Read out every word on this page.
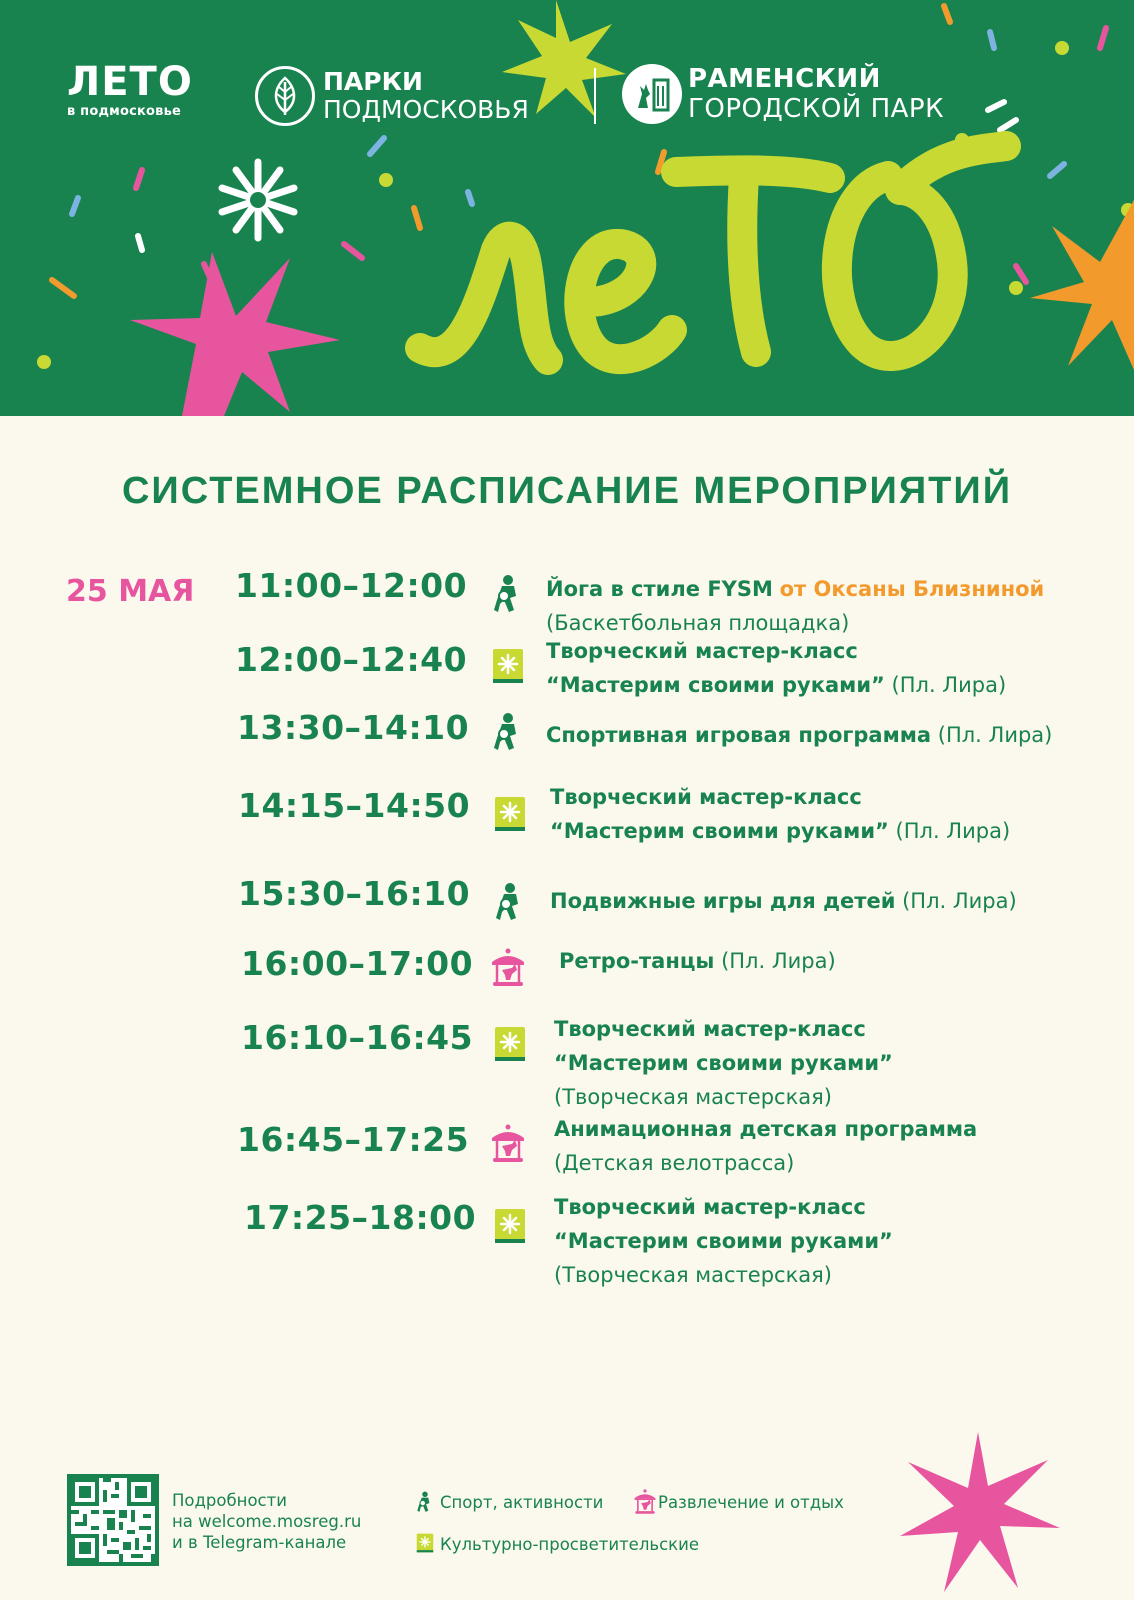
ЛЕТО
в подмосковье
ПАРКИ
ПОДМОСКОВЬЯ
РАМЕНСКИЙ
ГОРОДСКОЙ ПАРК
СИСТЕМНОЕ РАСПИСАНИЕ МЕРОПРИЯТИЙ
25 МАЯ 11:00–12:00	Йога в стиле FYSM от Оксаны Близниной
(Баскетбольная площадка)
12:00–12:40	Творческий мастер-класс
“Мастерим своими руками” (Пл. Лира)
13:30–14:10	Спортивная игровая программа (Пл. Лира)
14:15–14:50	Творческий мастер-класс
“Мастерим своими руками” (Пл. Лира)
15:30–16:10	Подвижные игры для детей (Пл. Лира)
16:00–17:00	Ретро-танцы (Пл. Лира)
16:10–16:45	Творческий мастер-класс
“Мастерим своими руками”
(Творческая мастерская)
16:45–17:25	Анимационная детская программа
(Детская велотрасса)
17:25–18:00	Творческий мастер-класс
“Мастерим своими руками”
(Творческая мастерская)
Подробности
на welcome.mosreg.ru
и в Telegram-канале
Спорт, активности	Развлечение и отдых
Культурно-просветительские
